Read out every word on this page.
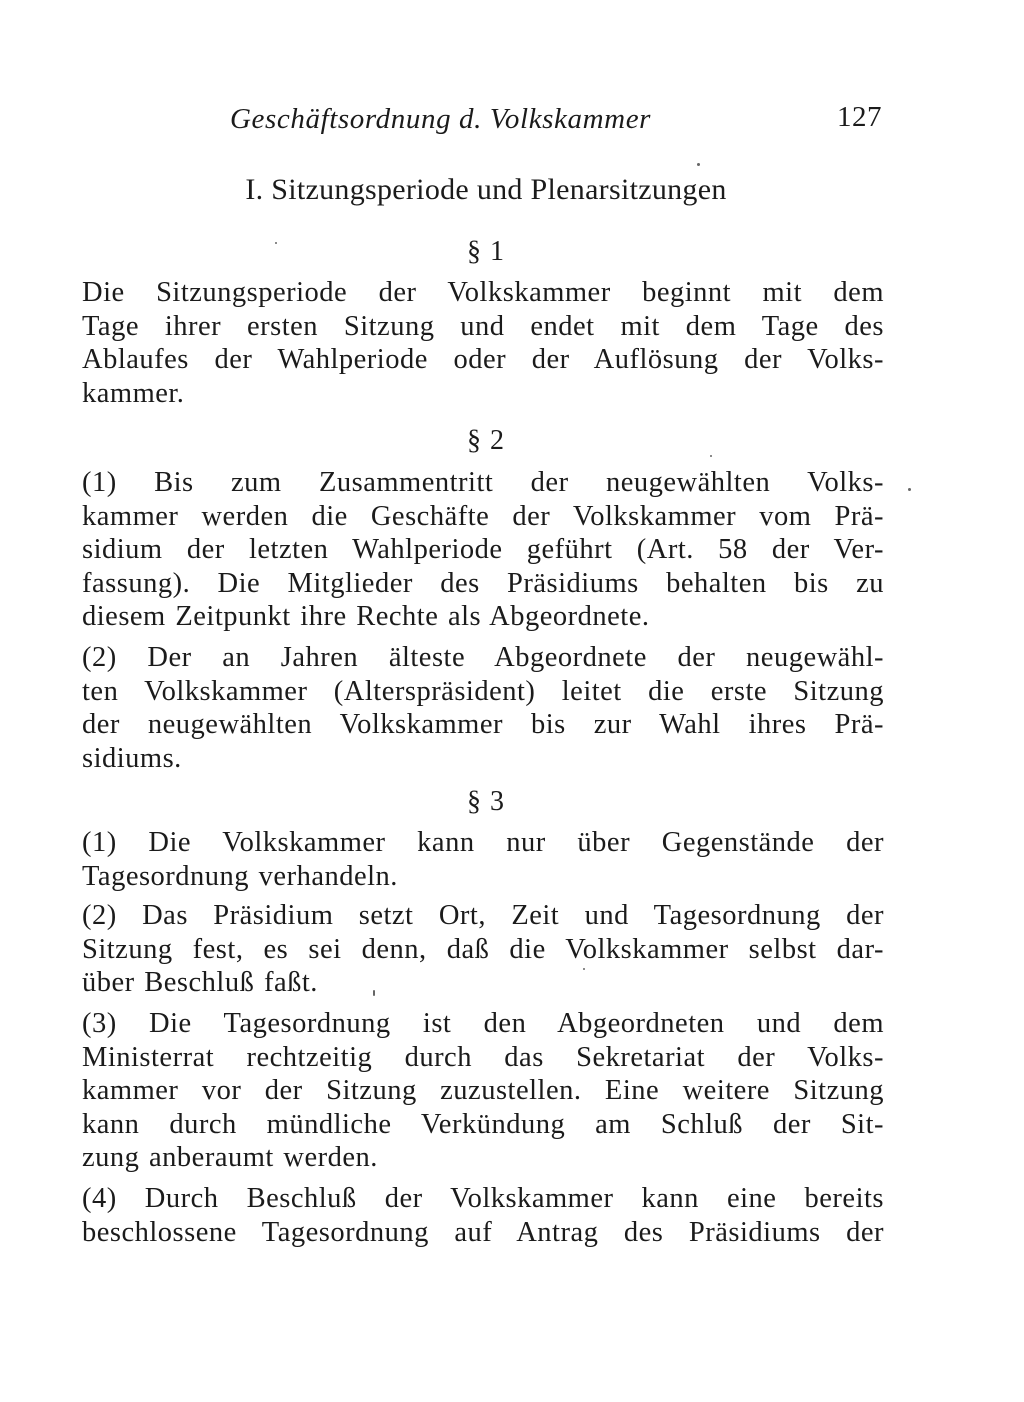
Geschäftsordnung d. Volkskammer	127
I. Sitzungsperiode und Plenarsitzungen
§ 1
Die Sitzungsperiode der Volkskammer beginnt mit dem
Tage ihrer ersten Sitzung und endet mit dem Tage des
Ablaufes der Wahlperiode oder der Auflösung der Volks-
kammer.
§ 2
(1) Bis zum Zusammentritt der neugewählten Volks-
kammer werden die Geschäfte der Volkskammer vom Prä-
sidium der letzten Wahlperiode geführt (Art. 58 der Ver-
fassung). Die Mitglieder des Präsidiums behalten bis zu
diesem Zeitpunkt ihre Rechte als Abgeordnete.
(2) Der an Jahren älteste Abgeordnete der neugewähl-
ten Volkskammer (Alterspräsident) leitet die erste Sitzung
der neugewählten Volkskammer bis zur Wahl ihres Prä-
sidiums.
§ 3
(1) Die Volkskammer kann nur über Gegenstände der
Tagesordnung verhandeln.
(2) Das Präsidium setzt Ort, Zeit und Tagesordnung der
Sitzung fest, es sei denn, daß die Volkskammer selbst dar-
über Beschluß faßt.
(3) Die Tagesordnung ist den Abgeordneten und dem
Ministerrat rechtzeitig durch das Sekretariat der Volks-
kammer vor der Sitzung zuzustellen. Eine weitere Sitzung
kann durch mündliche Verkündung am Schluß der Sit-
zung anberaumt werden.
(4) Durch Beschluß der Volkskammer kann eine bereits
beschlossene Tagesordnung auf Antrag des Präsidiums der
